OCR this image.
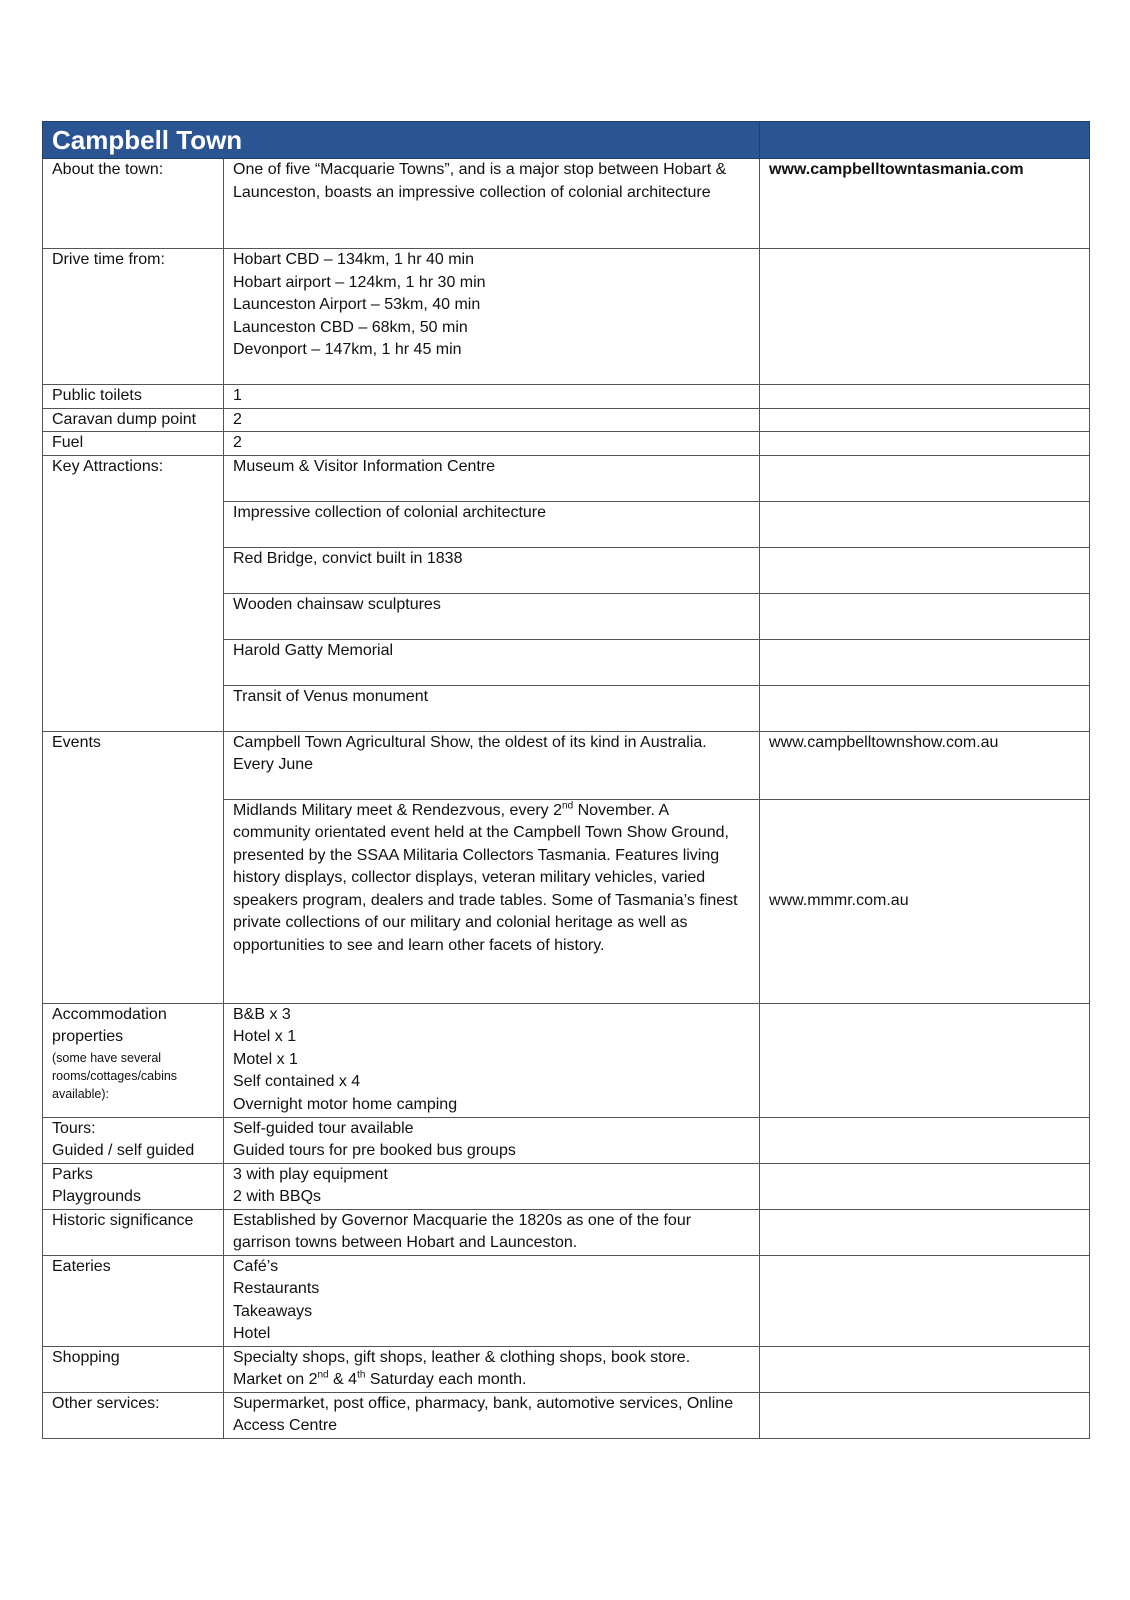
Campbell Town		
About the town:	One of five “Macquarie Towns”, and is a major stop between Hobart & Launceston, boasts an impressive collection of colonial architecture	www.campbelltowntasmania.com
Drive time from:	Hobart CBD – 134km, 1 hr 40 min
Hobart airport – 124km, 1 hr 30 min
Launceston Airport – 53km, 40 min
Launceston CBD – 68km, 50 min
Devonport – 147km, 1 hr 45 min	

Public toilets	1	
Caravan dump point	2	
Fuel	2	
Key Attractions:	Museum & Visitor Information Centre	
	Impressive collection of colonial architecture	
	Red Bridge, convict built in 1838	
	Wooden chainsaw sculptures	
	Harold Gatty Memorial	
	Transit of Venus monument	
Events	Campbell Town Agricultural Show, the oldest of its kind in Australia. Every June	www.campbelltownshow.com.au
	Midlands Military meet & Rendezvous, every 2nd November. A community orientated event held at the Campbell Town Show Ground, presented by the SSAA Militaria Collectors Tasmania. Features living history displays, collector displays, veteran military vehicles, varied speakers program, dealers and trade tables. Some of Tasmania’s finest private collections of our military and colonial heritage as well as opportunities to see and learn other facets of history.	www.mmmr.com.au
Accommodation properties
(some have several rooms/cottages/cabins available):	B&B x 3
Hotel x 1
Motel x 1
Self contained x 4
Overnight motor home camping	

Tours:
Guided / self guided	Self-guided tour available
Guided tours for pre booked bus groups	

Parks
Playgrounds	3 with play equipment
2 with BBQs	

Historic significance	Established by Governor Macquarie the 1820s as one of the four garrison towns between Hobart and Launceston.	
Eateries	Café’s
Restaurants
Takeaways
Hotel	

Shopping	Specialty shops, gift shops, leather & clothing shops, book store.
Market on 2nd & 4th Saturday each month.	

Other services:	Supermarket, post office, pharmacy, bank, automotive services, Online Access Centre	
